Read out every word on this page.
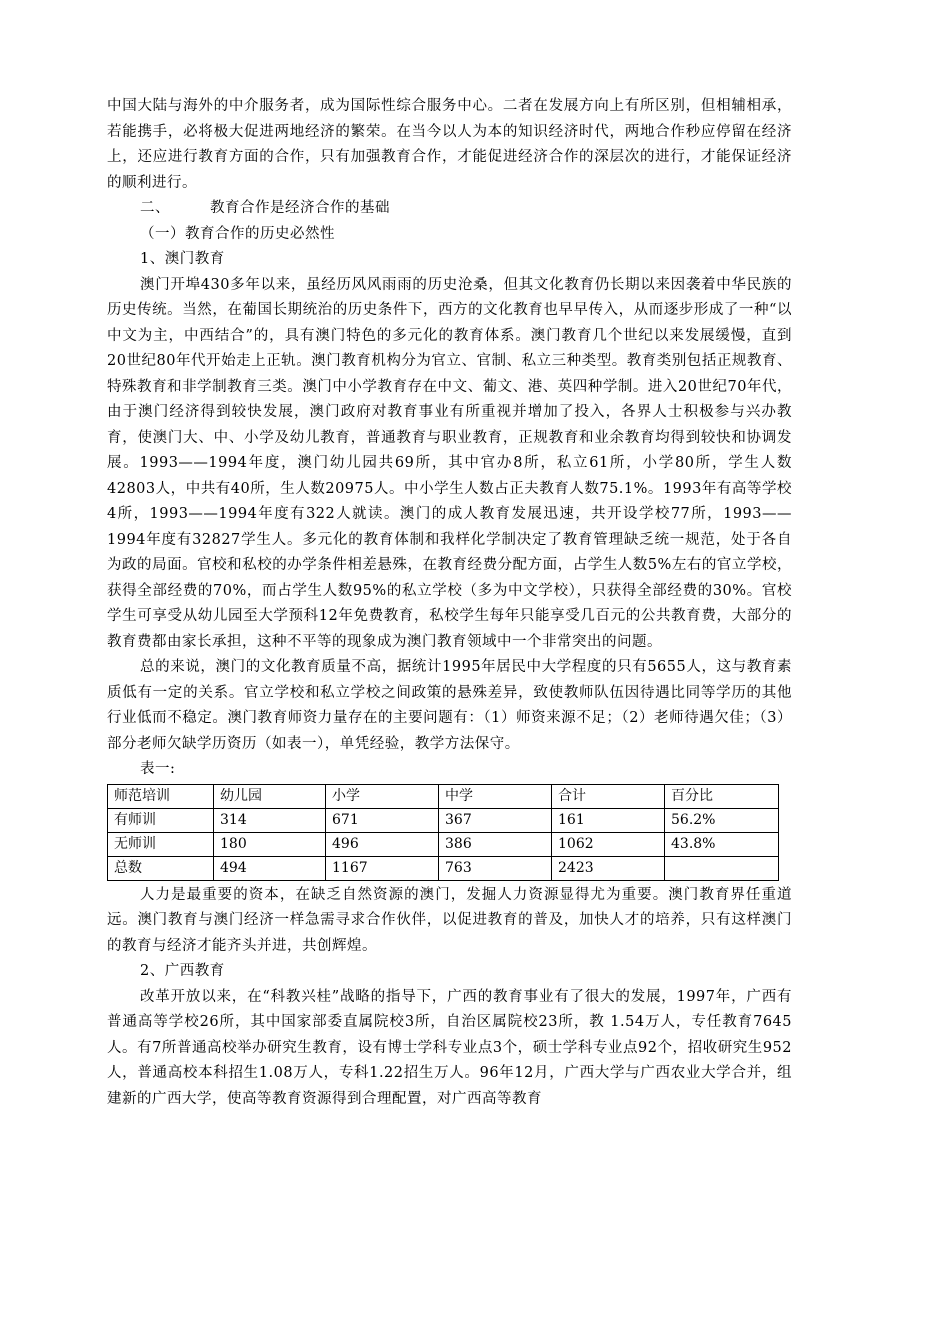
中国大陆与海外的中介服务者，成为国际性综合服务中心。二者在发展方向上有所区别，但相辅相承，若能携手，必将极大促进两地经济的繁荣。在当今以人为本的知识经济时代，两地合作秒应停留在经济上，还应进行教育方面的合作，只有加强教育合作，才能促进经济合作的深层次的进行，才能保证经济的顺利进行。

二、	教育合作是经济合作的基础

（一）教育合作的历史必然性

1、澳门教育

澳门开埠430多年以来，虽经历风风雨雨的历史沧桑，但其文化教育仍长期以来因袭着中华民族的历史传统。当然，在葡国长期统治的历史条件下，西方的文化教育也早早传入，从而逐步形成了一种“以中文为主，中西结合”的，具有澳门特色的多元化的教育体系。澳门教育几个世纪以来发展缓慢，直到20世纪80年代开始走上正轨。澳门教育机构分为官立、官制、私立三种类型。教育类别包括正规教育、特殊教育和非学制教育三类。澳门中小学教育存在中文、葡文、港、英四种学制。进入20世纪70年代，由于澳门经济得到较快发展，澳门政府对教育事业有所重视并增加了投入，各界人士积极参与兴办教育，使澳门大、中、小学及幼儿教育，普通教育与职业教育，正规教育和业余教育均得到较快和协调发展。1993——1994年度，澳门幼儿园共69所，其中官办8所，私立61所，小学80所，学生人数42803人，中共有40所，生人数20975人。中小学生人数占正夫教育人数75.1%。1993年有高等学校4所，1993——1994年度有322人就读。澳门的成人教育发展迅速，共开设学校77所，1993——1994年度有32827学生人。多元化的教育体制和我样化学制决定了教育管理缺乏统一规范，处于各自为政的局面。官校和私校的办学条件相差悬殊，在教育经费分配方面，占学生人数5%左右的官立学校，获得全部经费的70%，而占学生人数95%的私立学校（多为中文学校），只获得全部经费的30%。官校学生可享受从幼儿园至大学预科12年免费教育，私校学生每年只能享受几百元的公共教育费，大部分的教育费都由家长承担，这种不平等的现象成为澳门教育领域中一个非常突出的问题。

总的来说，澳门的文化教育质量不高，据统计1995年居民中大学程度的只有5655人，这与教育素质低有一定的关系。官立学校和私立学校之间政策的悬殊差异，致使教师队伍因待遇比同等学历的其他行业低而不稳定。澳门教育师资力量存在的主要问题有：（1）师资来源不足；（2）老师待遇欠佳；（3）部分老师欠缺学历资历（如表一），单凭经验，教学方法保守。

表一:

师范培训	幼儿园	小学	中学	合计	百分比
有师训	314	671	367	161	56.2%
无师训	180	496	386	1062	43.8%
总数	494	1167	763	2423	

人力是最重要的资本，在缺乏自然资源的澳门，发掘人力资源显得尤为重要。澳门教育界任重道远。澳门教育与澳门经济一样急需寻求合作伙伴，以促进教育的普及，加快人才的培养，只有这样澳门的教育与经济才能齐头并进，共创辉煌。

2、广西教育

改革开放以来，在“科教兴桂”战略的指导下，广西的教育事业有了很大的发展，1997年，广西有普通高等学校26所，其中国家部委直属院校3所，自治区属院校23所，教 1.54万人，专任教育7645人。有7所普通高校举办研究生教育，设有博士学科专业点3个，硕士学科专业点92个，招收研究生952人，普通高校本科招生1.08万人，专科1.22招生万人。96年12月，广西大学与广西农业大学合并，组建新的广西大学，使高等教育资源得到合理配置，对广西高等教育
